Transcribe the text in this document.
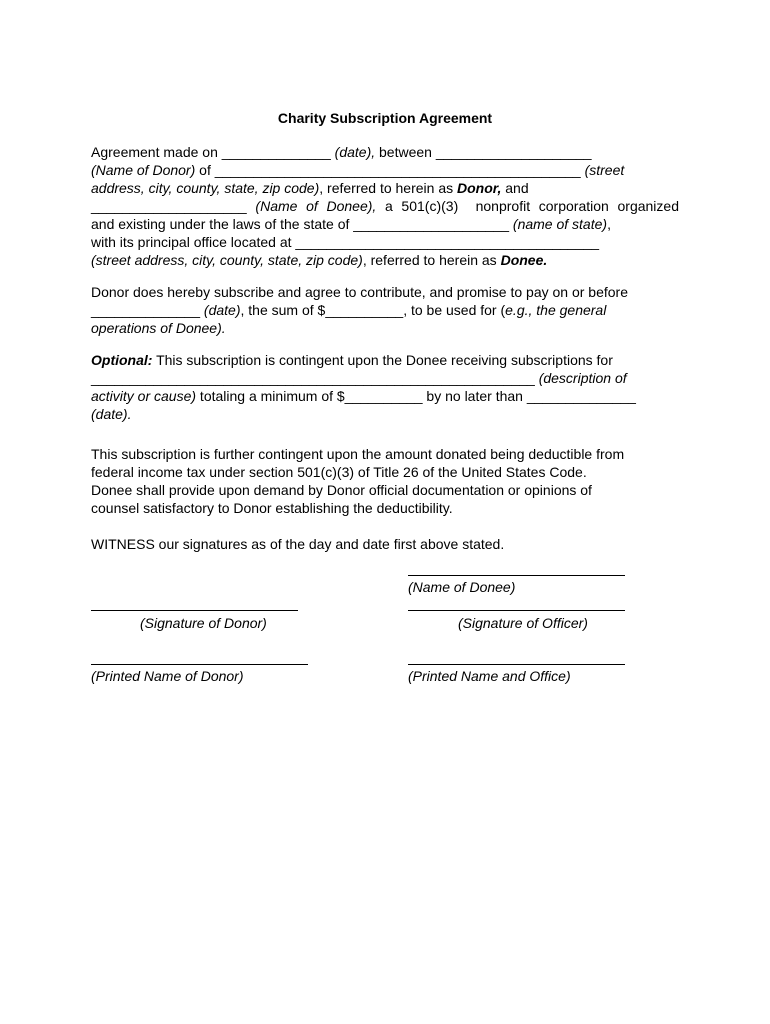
Charity Subscription Agreement
Agreement made on ______________ (date), between ____________________
(Name of Donor) of _______________________________________________ (street
address, city, county, state, zip code), referred to herein as Donor, and
____________________ (Name of Donee), a 501(c)(3)  nonprofit corporation organized
and existing under the laws of the state of ____________________ (name of state),
with its principal office located at _______________________________________
(street address, city, county, state, zip code), referred to herein as Donee.
Donor does hereby subscribe and agree to contribute, and promise to pay on or before
______________ (date), the sum of $__________, to be used for (e.g., the general
operations of Donee).
Optional: This subscription is contingent upon the Donee receiving subscriptions for
_________________________________________________________ (description of
activity or cause) totaling a minimum of $__________ by no later than ______________
(date).
This subscription is further contingent upon the amount donated being deductible from
federal income tax under section 501(c)(3) of Title 26 of the United States Code.
Donee shall provide upon demand by Donor official documentation or opinions of
counsel satisfactory to Donor establishing the deductibility.
WITNESS our signatures as of the day and date first above stated.
(Name of Donee)
(Signature of Donor)	(Signature of Officer)
(Printed Name of Donor)	(Printed Name and Office)
